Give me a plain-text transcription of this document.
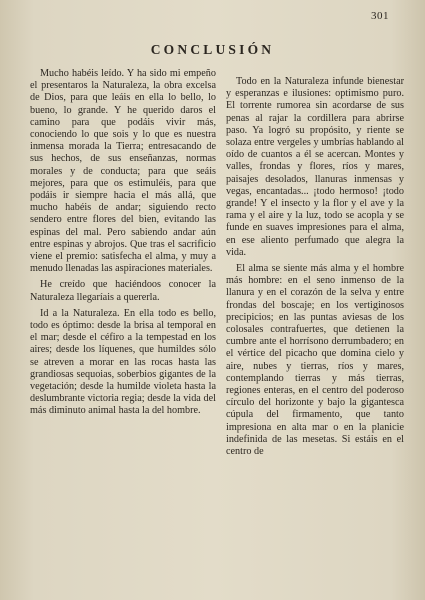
301
CONCLUSIÓN

Mucho habéis leído. Y ha sido mi empeño el presentaros la Naturaleza, la obra excelsa de Dios, para que leáis en ella lo bello, lo bueno, lo grande. Y he querido daros el camino para que podáis vivir más, conociendo lo que sois y lo que es nuestra inmensa morada la Tierra; entresacando de sus hechos, de sus enseñanzas, normas morales y de conducta; para que seáis mejores, para que os estimuléis, para que podáis ir siempre hacia el más allá, que mucho habéis de andar; siguiendo recto sendero entre flores del bien, evitando las espinas del mal. Pero sabiendo andar aún entre espinas y abrojos. Que tras el sacrificio viene el premio: satisfecha el alma, y muy a menudo llenadas las aspiraciones materiales.

He creído que haciéndoos conocer la Naturaleza llegaríais a quererla.

Id a la Naturaleza. En ella todo es bello, todo es óptimo: desde la brisa al temporal en el mar; desde el céfiro a la tempestad en los aires; desde los líquenes, que humildes sólo se atreven a morar en las rocas hasta las grandiosas sequoias, soberbios gigantes de la vegetación; desde la humilde violeta hasta la deslumbrante victoria regia; desde la vida del más diminuto animal hasta la del hombre.

Todo en la Naturaleza infunde bienestar y esperanzas e ilusiones: optimismo puro. El torrente rumorea sin acordarse de sus penas al rajar la cordillera para abrirse paso. Ya logró su propósito, y riente se solaza entre vergeles y umbrías hablando al oído de cuantos a él se acercan. Montes y valles, frondas y flores, ríos y mares, paisajes desolados, llanuras inmensas y vegas, encantadas... ¡todo hermoso! ¡todo grande! Y el insecto y la flor y el ave y la rama y el aire y la luz, todo se acopla y se funde en suaves impresiones para el alma, en ese aliento perfumado que alegra la vida.

El alma se siente más alma y el hombre más hombre: en el seno inmenso de la llanura y en el corazón de la selva y entre frondas del boscaje; en los vertiginosos precipicios; en las puntas aviesas de los colosales contrafuertes, que detienen la cumbre ante el horrísono derrumbadero; en el vértice del picacho que domina cielo y aire, nubes y tierras, ríos y mares, contemplando tierras y más tierras, regiones enteras, en el centro del poderoso círculo del horizonte y bajo la gigantesca cúpula del firmamento, que tanto impresiona en alta mar o en la planicie indefinida de las mesetas. Si estáis en el centro de
